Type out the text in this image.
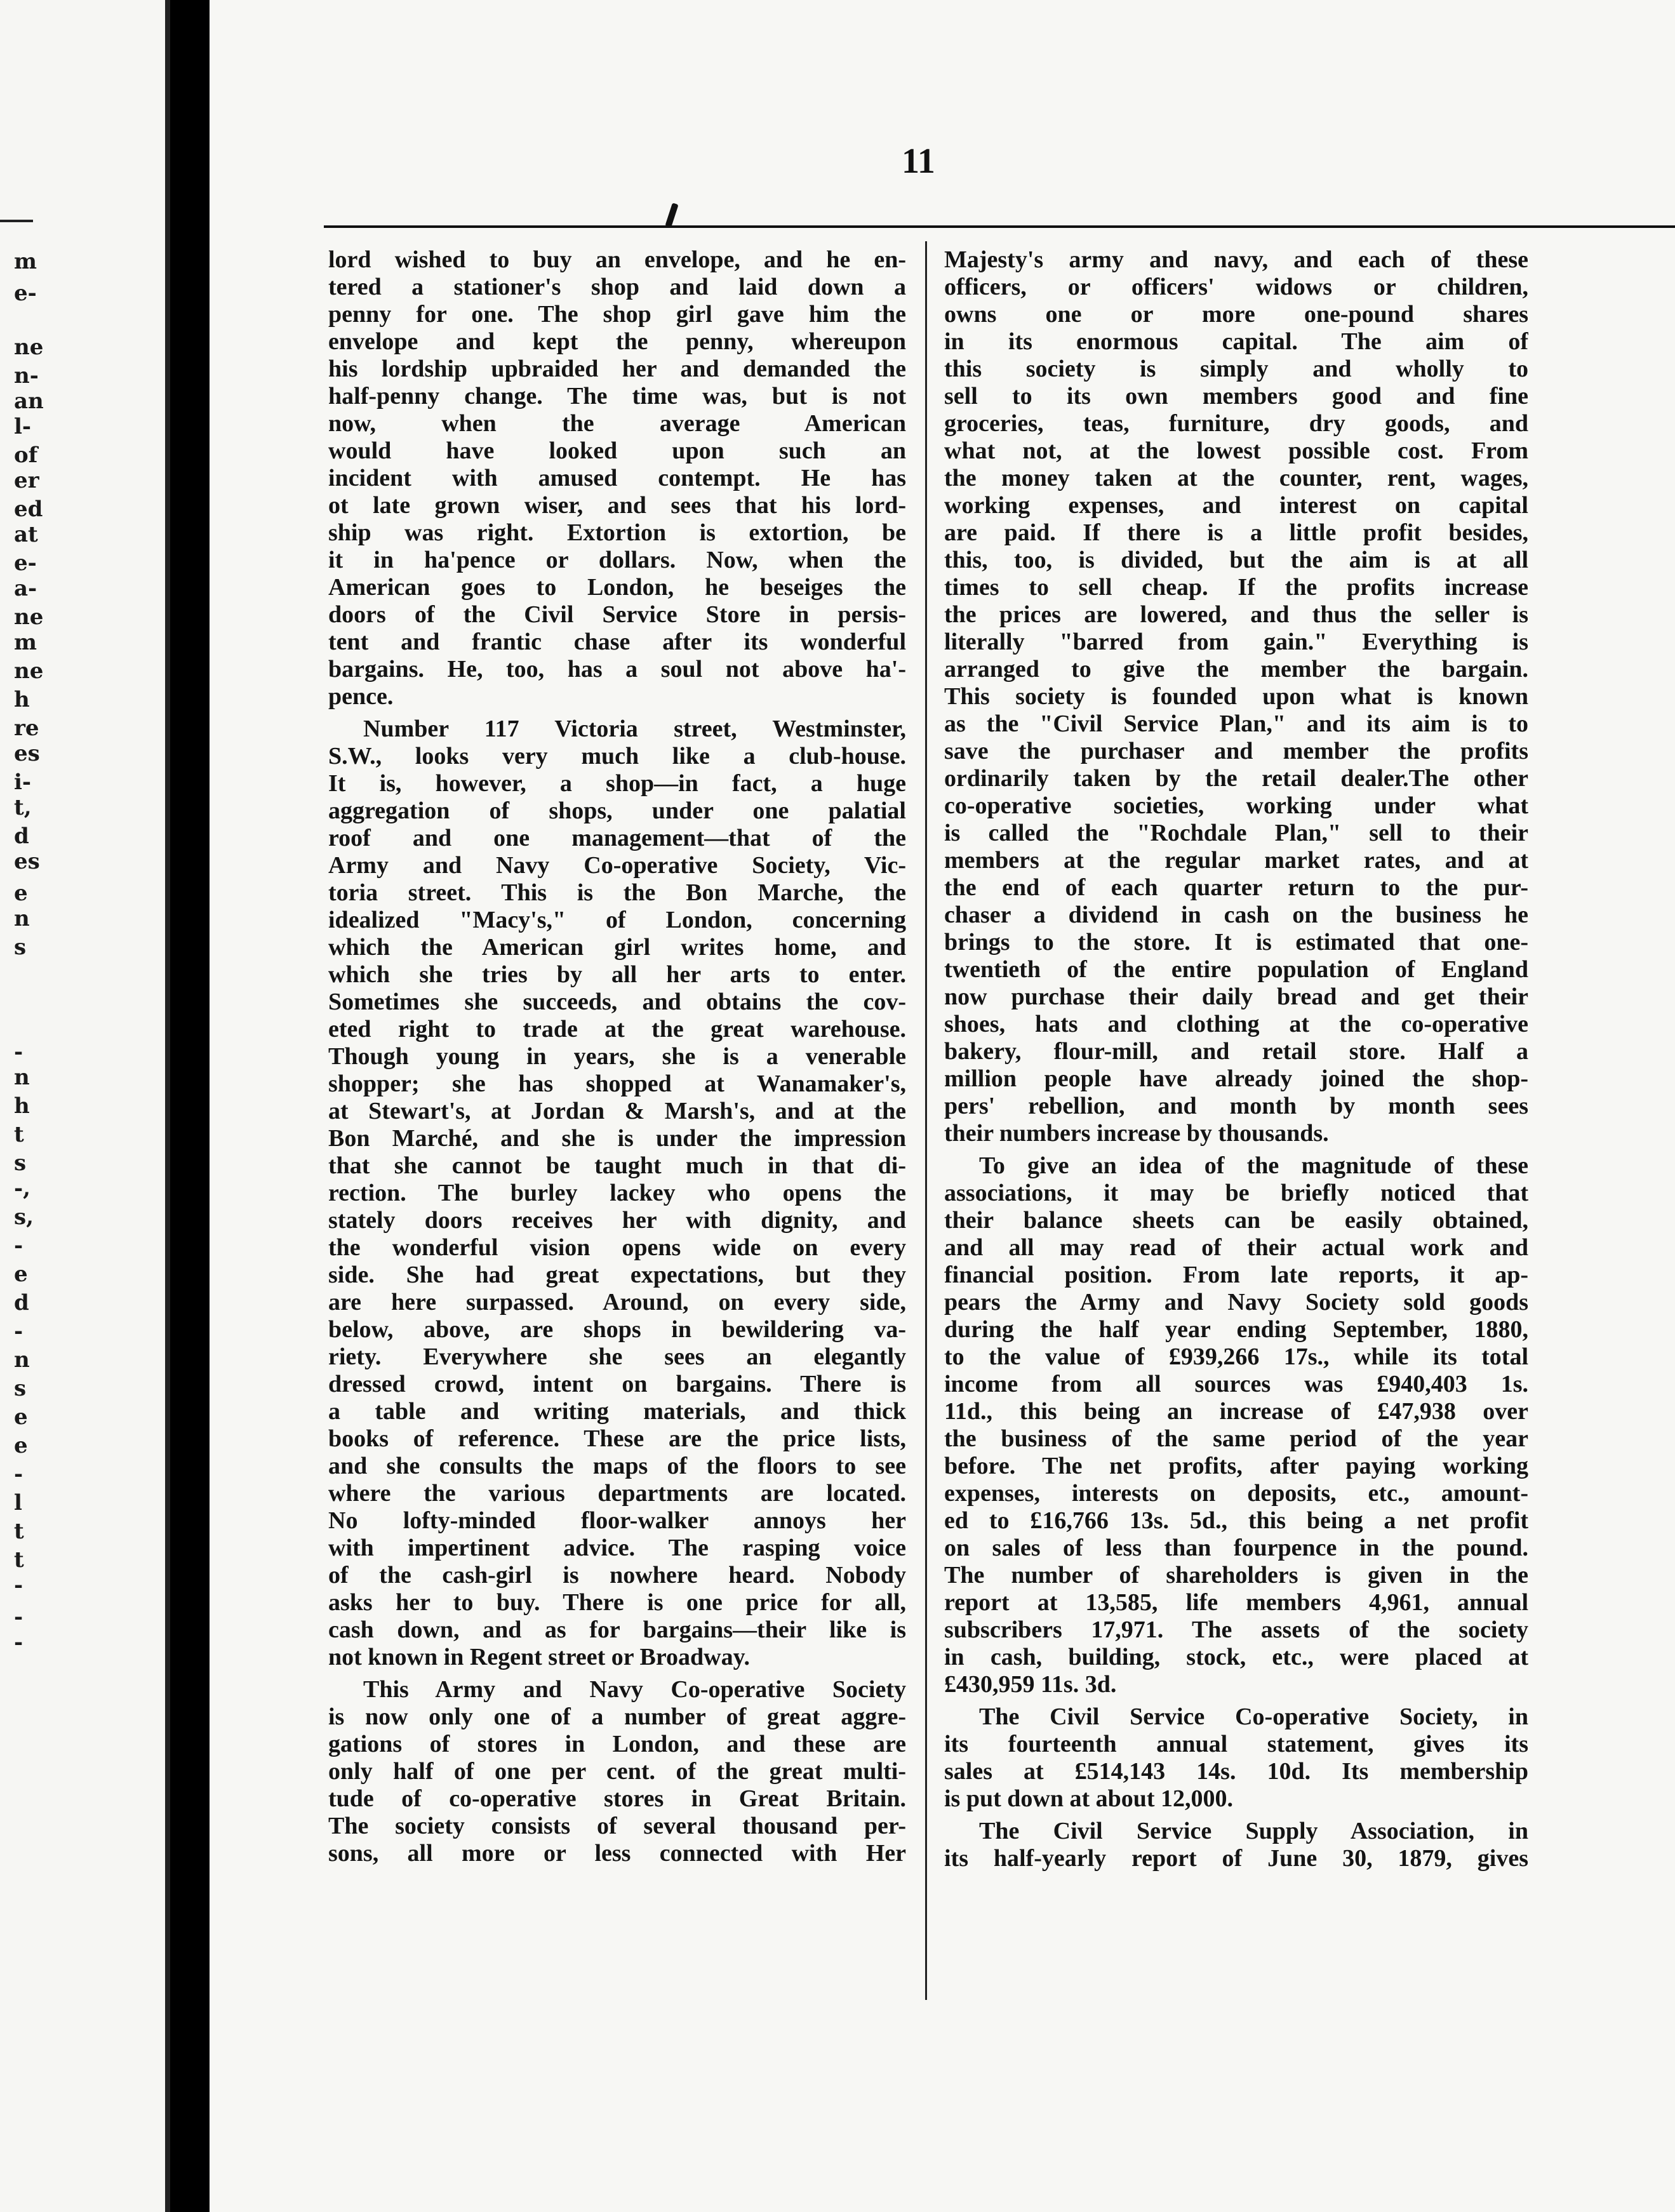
m
e-
ne
n-
an
l-
of
er
ed
at
e-
a-
ne
m
ne
h
re
es
i-
t,
d
es
e
n
s
-
n
h
t
s
-,
s,
-
e
d
-
n
s
e
e
-
l
t
t
-
-
-
11
lord wished to buy an envelope, and he en-
tered a stationer's shop and laid down a
penny for one. The shop girl gave him the
envelope and kept the penny, whereupon
his lordship upbraided her and demanded the
half-penny change. The time was, but is not
now, when the average American
would have looked upon such an
incident with amused contempt. He has
ot late grown wiser, and sees that his lord-
ship was right. Extortion is extortion, be
it in ha'pence or dollars. Now, when the
American goes to London, he beseiges the
doors of the Civil Service Store in persis-
tent and frantic chase after its wonderful
bargains. He, too, has a soul not above ha'-
pence.
Number 117 Victoria street, Westminster,
S.W., looks very much like a club-house.
It is, however, a shop—in fact, a huge
aggregation of shops, under one palatial
roof and one management—that of the
Army and Navy Co-operative Society, Vic-
toria street. This is the Bon Marche, the
idealized "Macy's," of London, concerning
which the American girl writes home, and
which she tries by all her arts to enter.
Sometimes she succeeds, and obtains the cov-
eted right to trade at the great warehouse.
Though young in years, she is a venerable
shopper; she has shopped at Wanamaker's,
at Stewart's, at Jordan & Marsh's, and at the
Bon Marché, and she is under the impression
that she cannot be taught much in that di-
rection. The burley lackey who opens the
stately doors receives her with dignity, and
the wonderful vision opens wide on every
side. She had great expectations, but they
are here surpassed. Around, on every side,
below, above, are shops in bewildering va-
riety. Everywhere she sees an elegantly
dressed crowd, intent on bargains. There is
a table and writing materials, and thick
books of reference. These are the price lists,
and she consults the maps of the floors to see
where the various departments are located.
No lofty-minded floor-walker annoys her
with impertinent advice. The rasping voice
of the cash-girl is nowhere heard. Nobody
asks her to buy. There is one price for all,
cash down, and as for bargains—their like is
not known in Regent street or Broadway.
This Army and Navy Co-operative Society
is now only one of a number of great aggre-
gations of stores in London, and these are
only half of one per cent. of the great multi-
tude of co-operative stores in Great Britain.
The society consists of several thousand per-
sons, all more or less connected with Her
Majesty's army and navy, and each of these
officers, or officers' widows or children,
owns one or more one-pound shares
in its enormous capital. The aim of
this society is simply and wholly to
sell to its own members good and fine
groceries, teas, furniture, dry goods, and
what not, at the lowest possible cost. From
the money taken at the counter, rent, wages,
working expenses, and interest on capital
are paid. If there is a little profit besides,
this, too, is divided, but the aim is at all
times to sell cheap. If the profits increase
the prices are lowered, and thus the seller is
literally "barred from gain." Everything is
arranged to give the member the bargain.
This society is founded upon what is known
as the "Civil Service Plan," and its aim is to
save the purchaser and member the profits
ordinarily taken by the retail dealer.The other
co-operative societies, working under what
is called the "Rochdale Plan," sell to their
members at the regular market rates, and at
the end of each quarter return to the pur-
chaser a dividend in cash on the business he
brings to the store. It is estimated that one-
twentieth of the entire population of England
now purchase their daily bread and get their
shoes, hats and clothing at the co-operative
bakery, flour-mill, and retail store. Half a
million people have already joined the shop-
pers' rebellion, and month by month sees
their numbers increase by thousands.
To give an idea of the magnitude of these
associations, it may be briefly noticed that
their balance sheets can be easily obtained,
and all may read of their actual work and
financial position. From late reports, it ap-
pears the Army and Navy Society sold goods
during the half year ending September, 1880,
to the value of £939,266 17s., while its total
income from all sources was £940,403 1s.
11d., this being an increase of £47,938 over
the business of the same period of the year
before. The net profits, after paying working
expenses, interests on deposits, etc., amount-
ed to £16,766 13s. 5d., this being a net profit
on sales of less than fourpence in the pound.
The number of shareholders is given in the
report at 13,585, life members 4,961, annual
subscribers 17,971. The assets of the society
in cash, building, stock, etc., were placed at
£430,959 11s. 3d.
The Civil Service Co-operative Society, in
its fourteenth annual statement, gives its
sales at £514,143 14s. 10d. Its membership
is put down at about 12,000.
The Civil Service Supply Association, in
its half-yearly report of June 30, 1879, gives
